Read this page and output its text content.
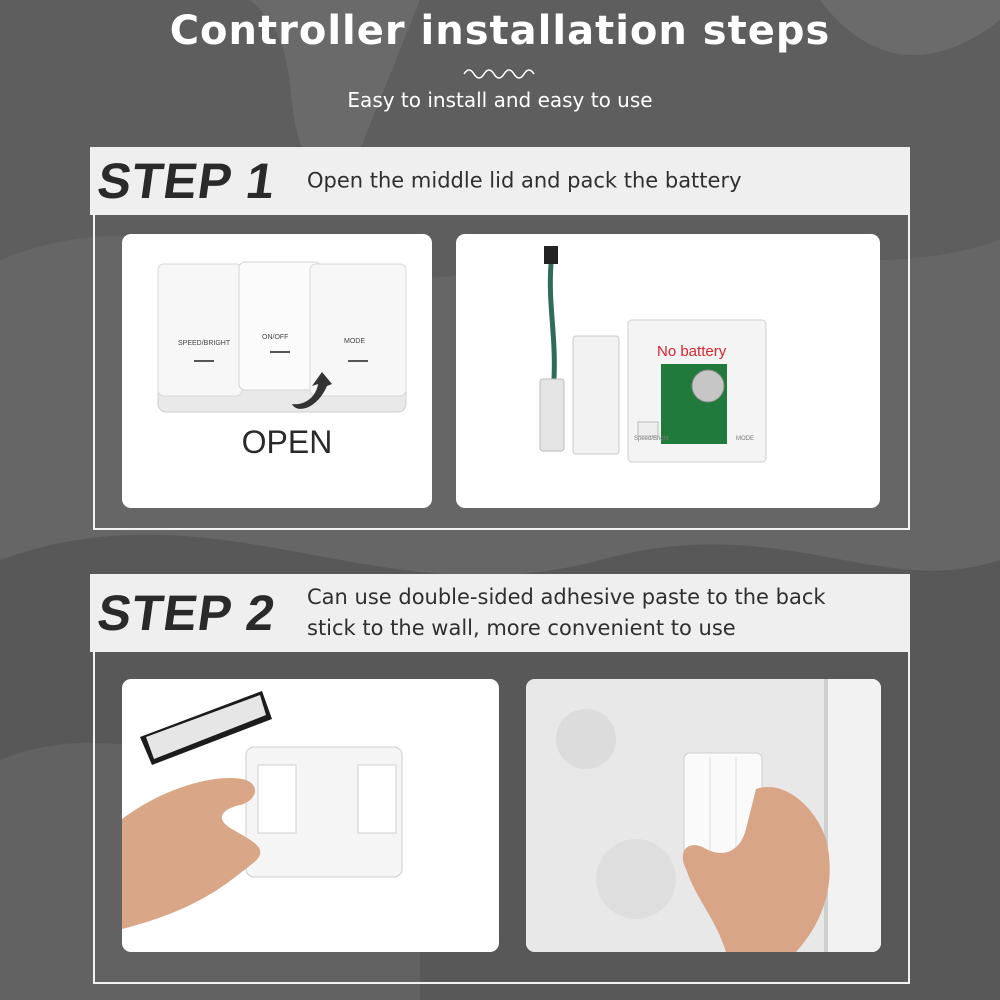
Controller installation steps
Easy to install and easy to use
STEP 1 Open the middle lid and pack the battery
SPEED/BRIGHT
ON/OFF
MODE
OPEN
No battery
Speed/Bright	MODE
STEP 2 Can use double-sided adhesive paste to the back
stick to the wall, more convenient to use
